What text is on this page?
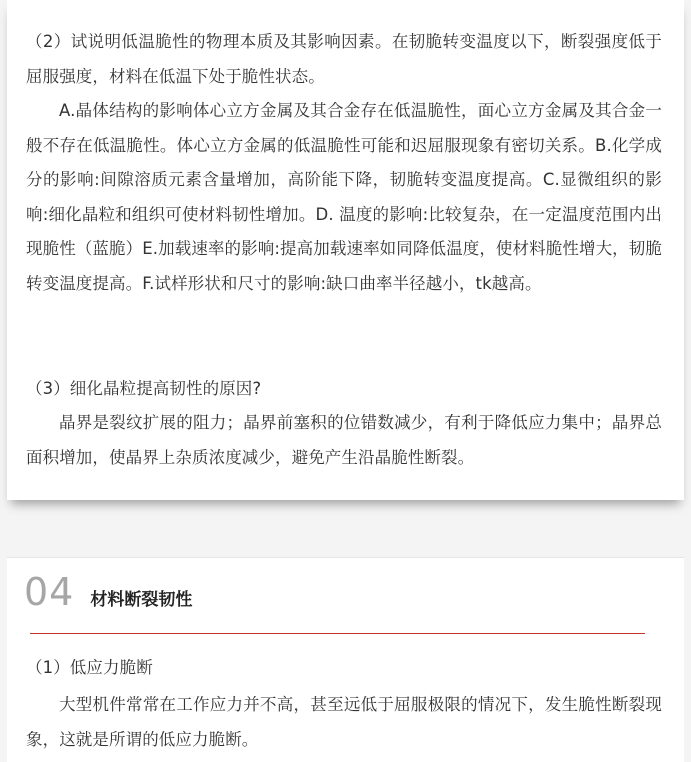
（2）试说明低温脆性的物理本质及其影响因素。在韧脆转变温度以下，断裂强度低于屈服强度，材料在低温下处于脆性状态。

A.晶体结构的影响体心立方金属及其合金存在低温脆性，面心立方金属及其合金一般不存在低温脆性。体心立方金属的低温脆性可能和迟屈服现象有密切关系。B.化学成分的影响:间隙溶质元素含量增加，高阶能下降，韧脆转变温度提高。C.显微组织的影响:细化晶粒和组织可使材料韧性增加。D. 温度的影响:比较复杂，在一定温度范围内出现脆性（蓝脆）E.加载速率的影响:提高加载速率如同降低温度，使材料脆性增大，韧脆转变温度提高。F.试样形状和尺寸的影响:缺口曲率半径越小，tk越高。

（3）细化晶粒提高韧性的原因?

晶界是裂纹扩展的阻力；晶界前塞积的位错数减少，有利于降低应力集中；晶界总面积增加，使晶界上杂质浓度减少，避免产生沿晶脆性断裂。

04 材料断裂韧性

（1）低应力脆断

大型机件常常在工作应力并不高，甚至远低于屈服极限的情况下，发生脆性断裂现象，这就是所谓的低应力脆断。
